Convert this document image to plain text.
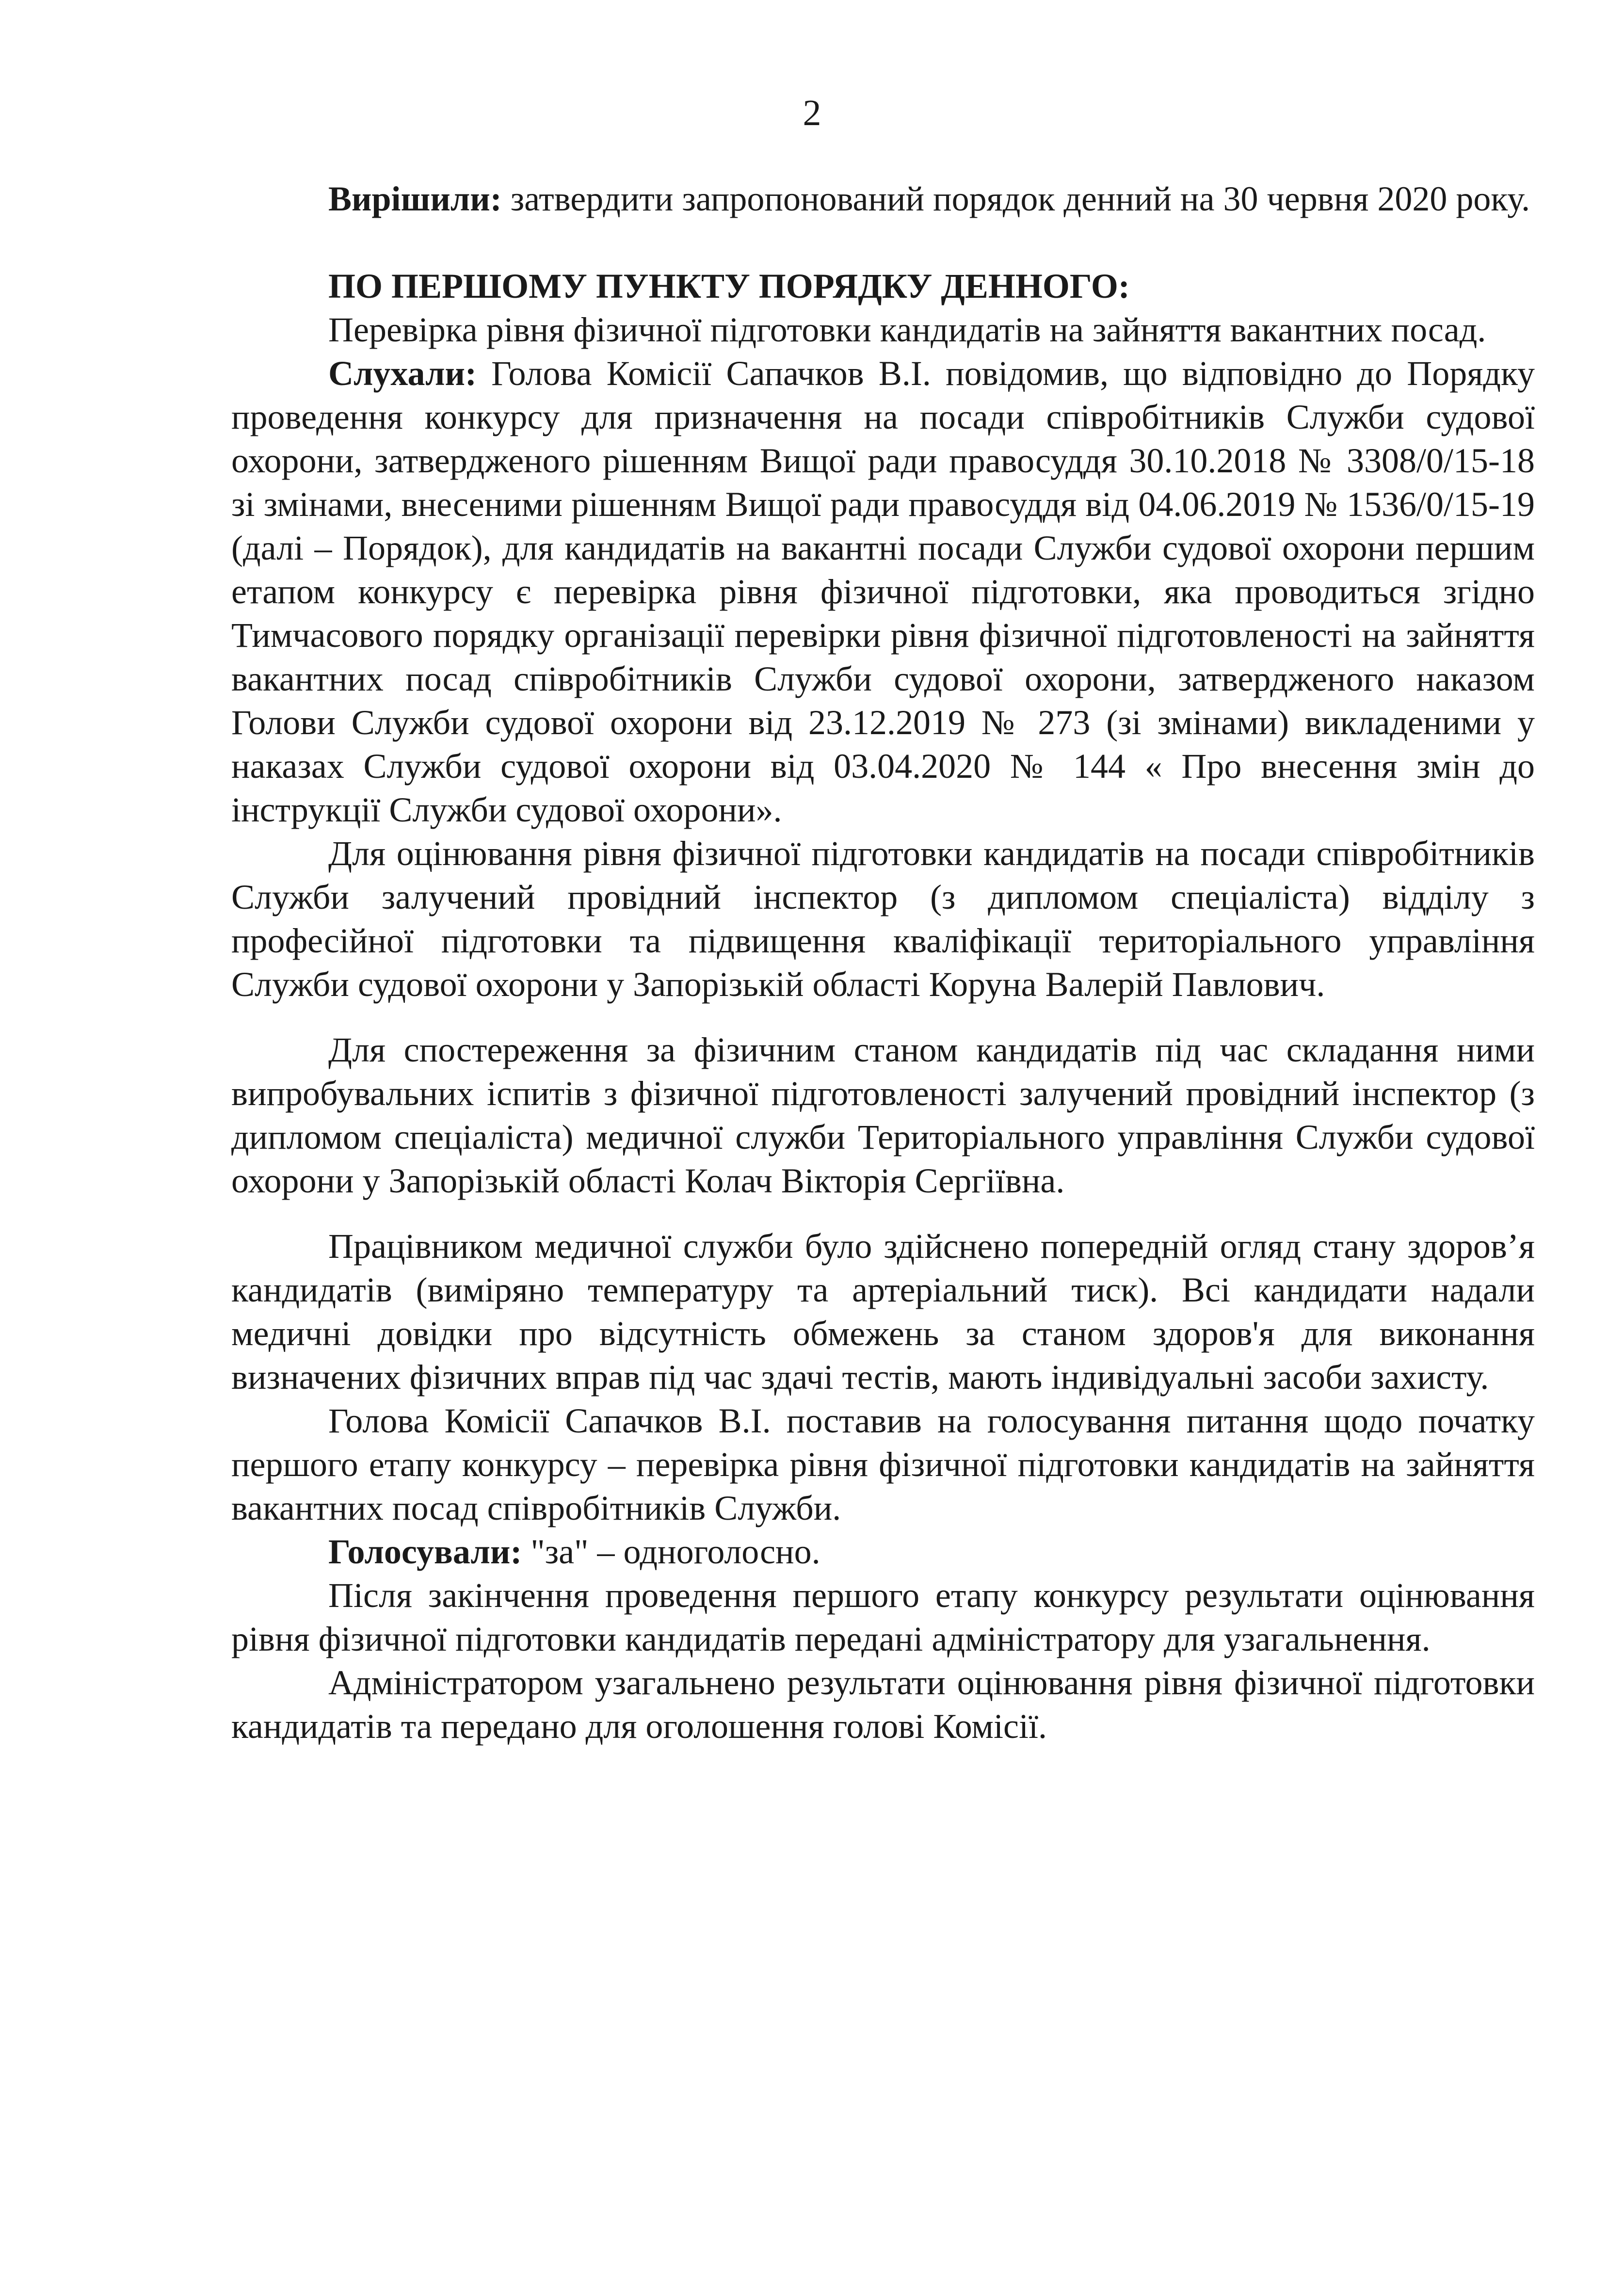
2

Вирішили: затвердити запропонований порядок денний на 30 червня 2020 року.

ПО ПЕРШОМУ ПУНКТУ ПОРЯДКУ ДЕННОГО:

Перевірка рівня фізичної підготовки кандидатів на зайняття вакантних посад.

Слухали: Голова Комісії Сапачков В.І. повідомив, що відповідно до Порядку проведення конкурсу для призначення на посади співробітників Служби судової охорони, затвердженого рішенням Вищої ради правосуддя 30.10.2018 № 3308/0/15-18 зі змінами, внесеними рішенням Вищої ради правосуддя від 04.06.2019 № 1536/0/15-19 (далі – Порядок), для кандидатів на вакантні посади Служби судової охорони першим етапом конкурсу є перевірка рівня фізичної підготовки, яка проводиться згідно Тимчасового порядку організації перевірки рівня фізичної підготовленості на зайняття вакантних посад співробітників Служби судової охорони, затвердженого наказом Голови Служби судової охорони від 23.12.2019 № 273 (зі змінами) викладеними у наказах Служби судової охорони від 03.04.2020 № 144 « Про внесення змін до інструкції Служби судової охорони».

Для оцінювання рівня фізичної підготовки кандидатів на посади співробітників Служби залучений провідний інспектор (з дипломом спеціаліста) відділу з професійної підготовки та підвищення кваліфікації територіального управління Служби судової охорони у Запорізькій області Коруна Валерій Павлович.

Для спостереження за фізичним станом кандидатів під час складання ними випробувальних іспитів з фізичної підготовленості залучений провідний інспектор (з дипломом спеціаліста) медичної служби Територіального управління Служби судової охорони у Запорізькій області Колач Вікторія Сергіївна.

Працівником медичної служби було здійснено попередній огляд стану здоров’я кандидатів (виміряно температуру та артеріальний тиск). Всі кандидати надали медичні довідки про відсутність обмежень за станом здоров'я для виконання визначених фізичних вправ під час здачі тестів, мають індивідуальні засоби захисту.

Голова Комісії Сапачков В.І. поставив на голосування питання щодо початку першого етапу конкурсу – перевірка рівня фізичної підготовки кандидатів на зайняття вакантних посад співробітників Служби.

Голосували: "за" – одноголосно.

Після закінчення проведення першого етапу конкурсу результати оцінювання рівня фізичної підготовки кандидатів передані адміністратору для узагальнення.

Адміністратором узагальнено результати оцінювання рівня фізичної підготовки кандидатів та передано для оголошення голові Комісії.
